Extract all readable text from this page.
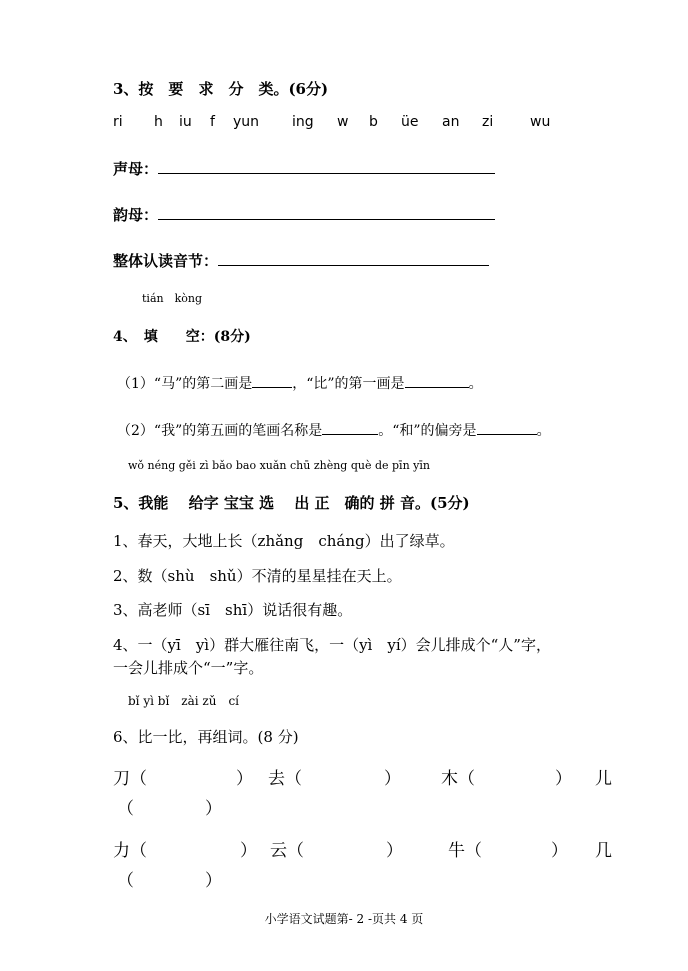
3、按　要　求　分　类。(6分)
ri h iu f yun ing w b üe an zi	wu
声母：
韵母：
整体认读音节：
tián　kòng
4、　填　　空：(8分)
（1）“马”的第二画是	，“比”的第一画是	。
（2）“我”的第五画的笔画名称是	。“和”的偏旁是	。
wǒ néng gěi zì bǎo bao xuǎn chū zhèng què de pīn yīn
5、我能　 给字 宝宝 选　 出 正　确的 拼 音。(5分)
1、春天，大地上长（zhǎng　cháng）出了绿草。
2、数（shù　shǔ）不清的星星挂在天上。
3、高老师（sī　shī）说话很有趣。
4、一（yī　yì）群大雁往南飞，一（yì　yí）会儿排成个“人”字，
一会儿排成个“一”字。
bǐ yì bǐ　zài zǔ　cí
6、比一比，再组词。(8 分)
刀（	） 去（	） 木（	） 儿
（	）
力（	） 云（	）	牛（	） 几
（	）
小学语文试题第- 2 -页共 4 页
